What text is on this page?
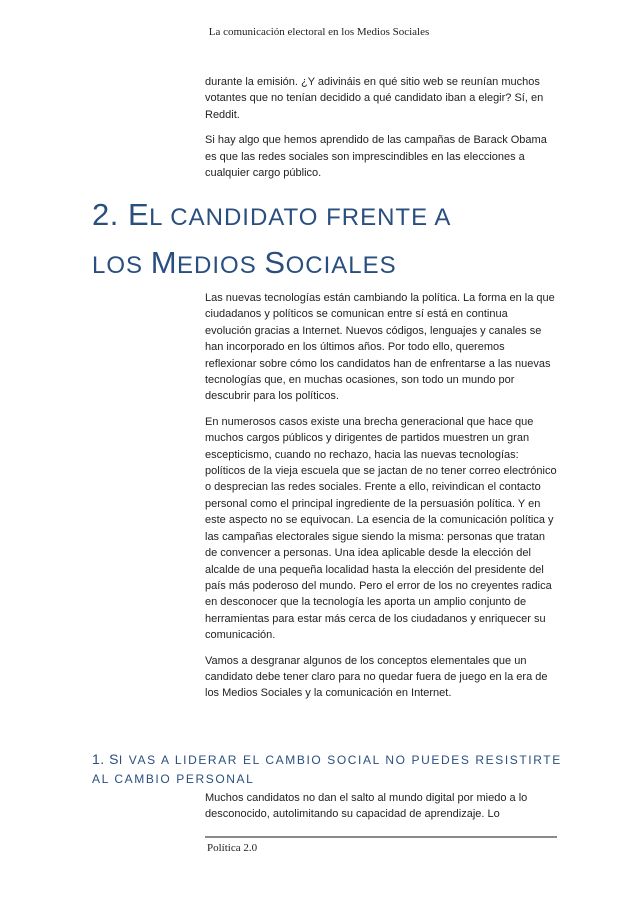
La comunicación electoral en los Medios Sociales

durante la emisión. ¿Y adivináis en qué sitio web se reunían muchos votantes que no tenían decidido a qué candidato iban a elegir? Sí, en Reddit.

Si hay algo que hemos aprendido de las campañas de Barack Obama es que las redes sociales son imprescindibles en las elecciones a cualquier cargo público.

2. EL CANDIDATO FRENTE A
LOS MEDIOS SOCIALES

Las nuevas tecnologías están cambiando la política. La forma en la que ciudadanos y políticos se comunican entre sí está en continua evolución gracias a Internet. Nuevos códigos, lenguajes y canales se han incorporado en los últimos años. Por todo ello, queremos reflexionar sobre cómo los candidatos han de enfrentarse a las nuevas tecnologías que, en muchas ocasiones, son todo un mundo por descubrir para los políticos.

En numerosos casos existe una brecha generacional que hace que muchos cargos públicos y dirigentes de partidos muestren un gran escepticismo, cuando no rechazo, hacia las nuevas tecnologías: políticos de la vieja escuela que se jactan de no tener correo electrónico o desprecian las redes sociales. Frente a ello, reivindican el contacto personal como el principal ingrediente de la persuasión política. Y en este aspecto no se equivocan. La esencia de la comunicación política y las campañas electorales sigue siendo la misma: personas que tratan de convencer a personas. Una idea aplicable desde la elección del alcalde de una pequeña localidad hasta la elección del presidente del país más poderoso del mundo. Pero el error de los no creyentes radica en desconocer que la tecnología les aporta un amplio conjunto de herramientas para estar más cerca de los ciudadanos y enriquecer su comunicación.

Vamos a desgranar algunos de los conceptos elementales que un candidato debe tener claro para no quedar fuera de juego en la era de los Medios Sociales y la comunicación en Internet.

1. SI VAS A LIDERAR EL CAMBIO SOCIAL NO PUEDES RESISTIRTE AL CAMBIO PERSONAL

Muchos candidatos no dan el salto al mundo digital por miedo a lo desconocido, autolimitando su capacidad de aprendizaje. Lo

Política 2.0
